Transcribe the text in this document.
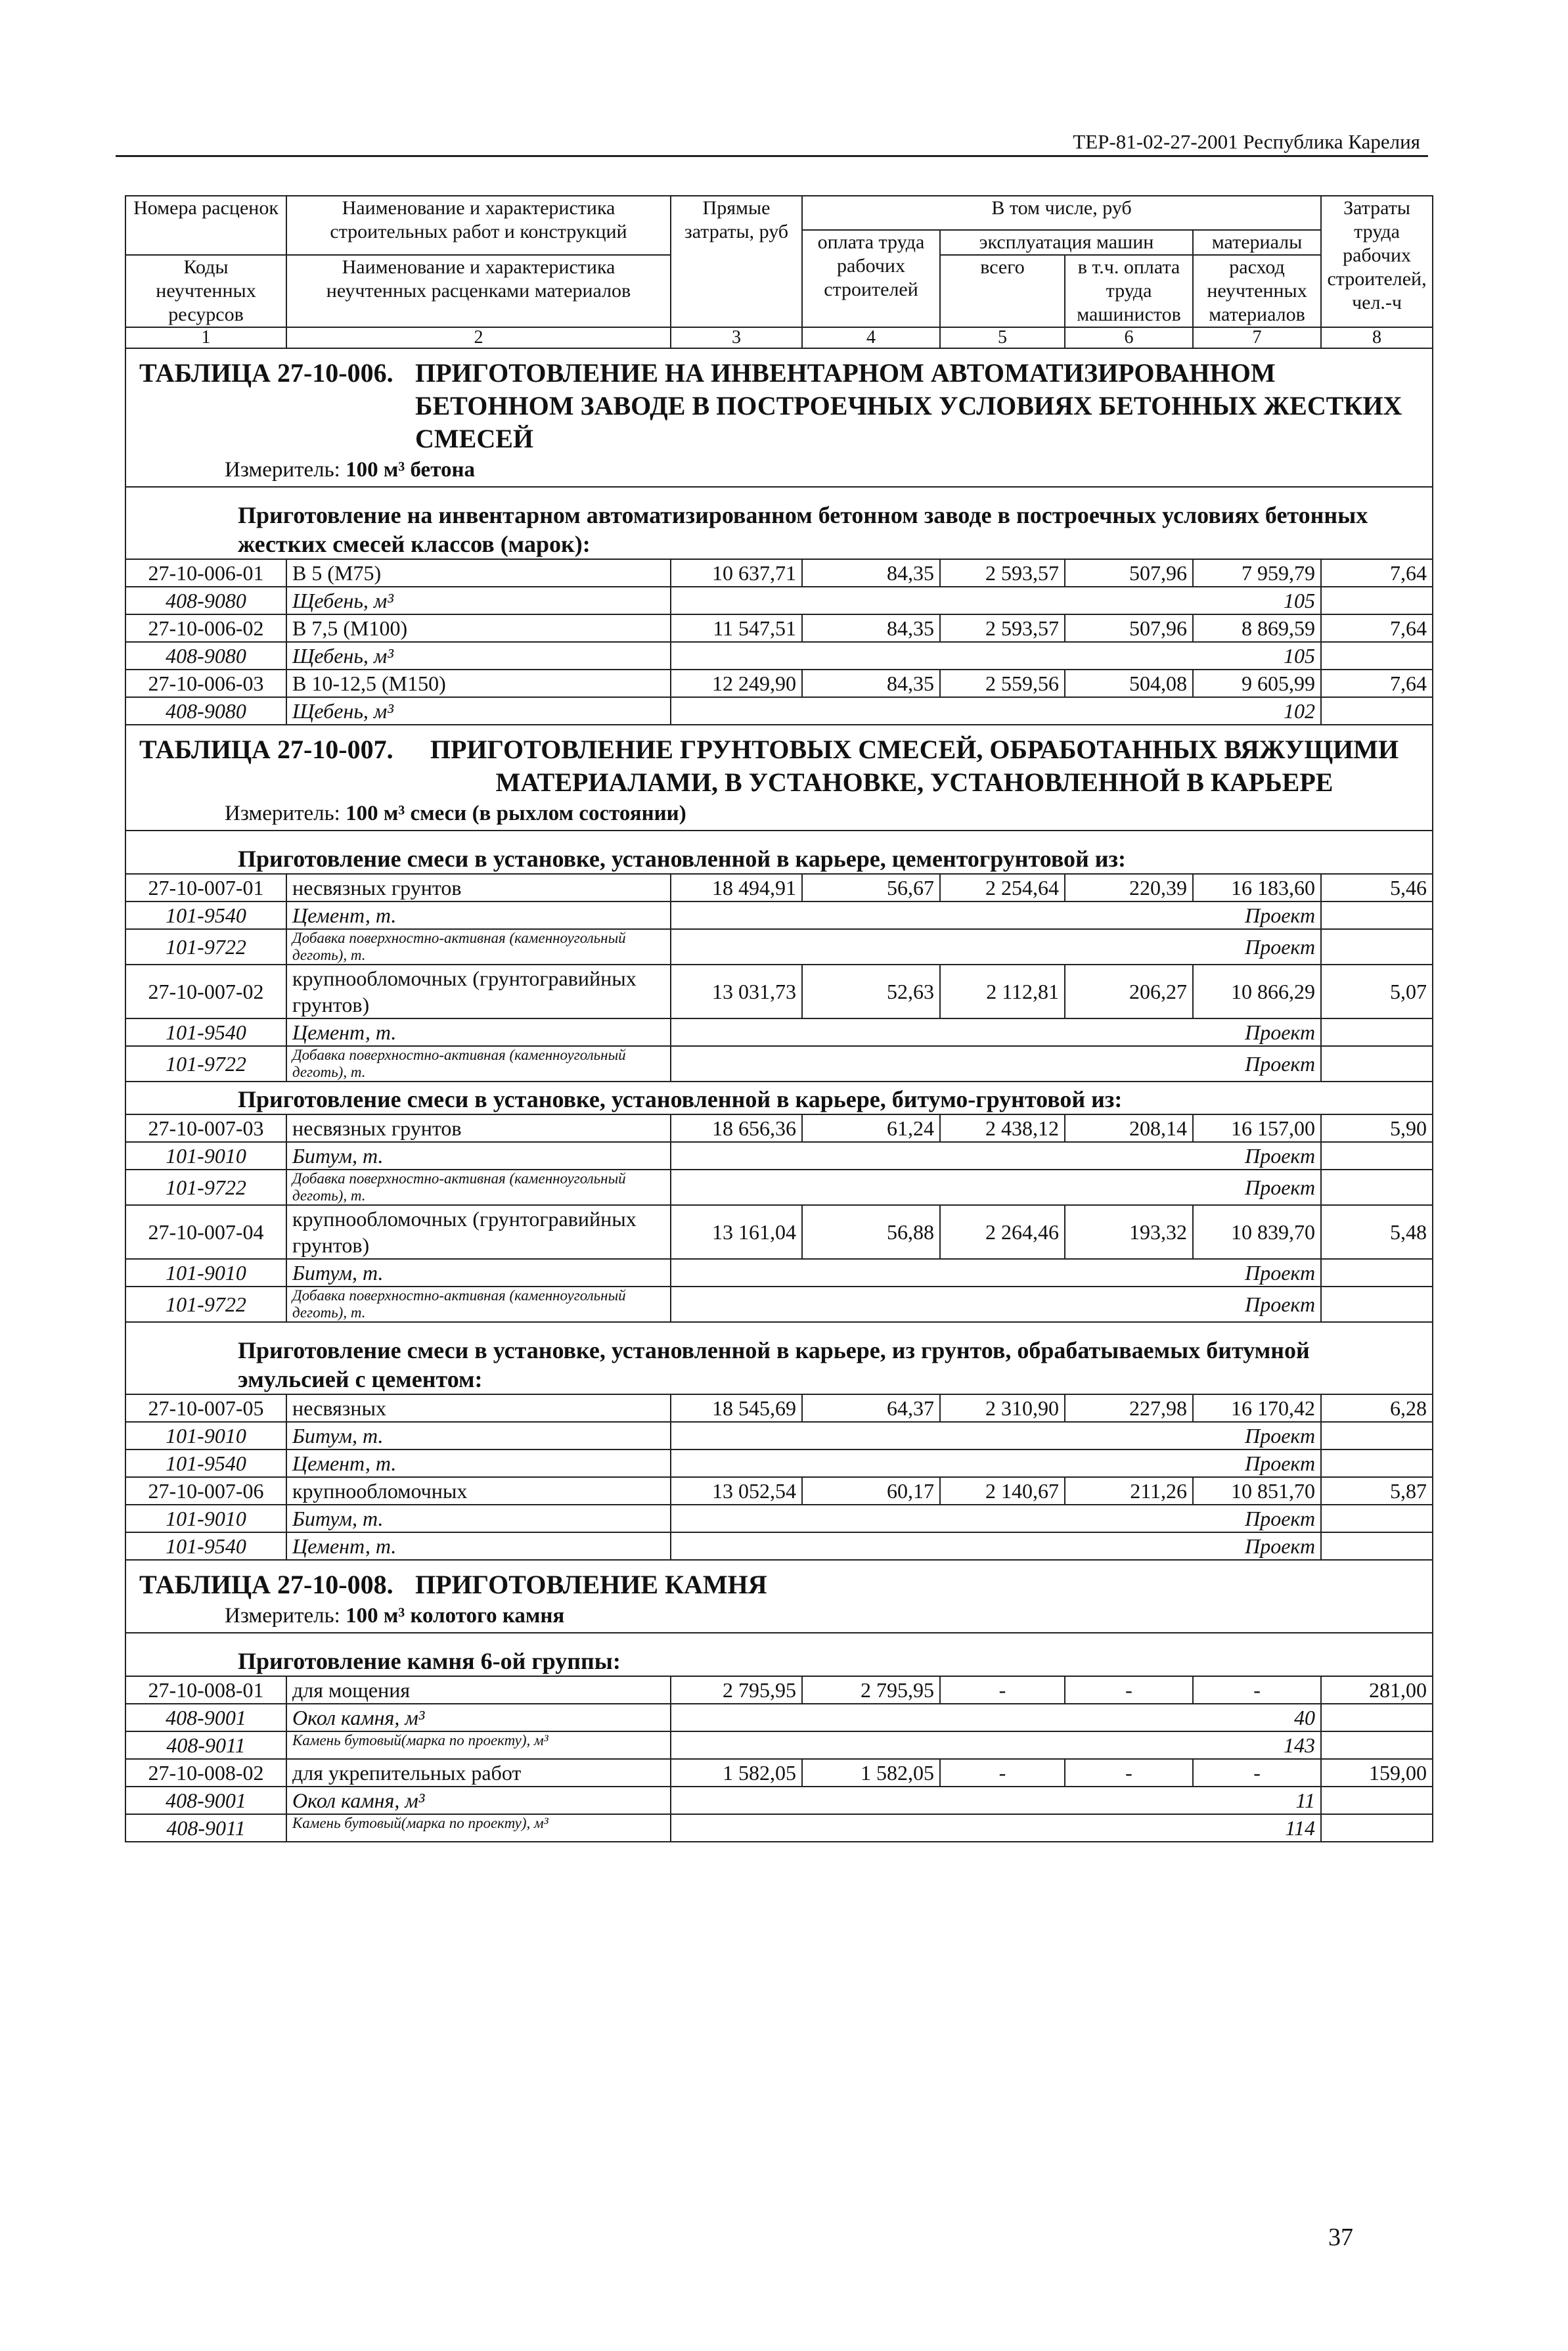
ТЕР-81-02-27-2001 Республика Карелия
Номера расценок	Наименование и характеристика строительных работ и конструкций	Прямые затраты, руб	В том числе, руб				Затраты труда рабочих строителей, чел.-ч
			оплата труда рабочих строителей	эксплуатация машин		материалы	
Коды неучтенных ресурсов	Наименование и характеристика неучтенных расценками материалов			всего	в т.ч. оплата труда машинистов	расход неучтенных материалов	

1	2	3	4	5	6	7	8

ТАБЛИЦА 27-10-006. ПРИГОТОВЛЕНИЕ НА ИНВЕНТАРНОМ АВТОМАТИЗИРОВАННОМ БЕТОННОМ ЗАВОДЕ В ПОСТРОЕЧНЫХ УСЛОВИЯХ БЕТОННЫХ ЖЕСТКИХ СМЕСЕЙ
Измеритель: 100 м³ бетона							

Приготовление на инвентарном автоматизированном бетонном заводе в построечных условиях бетонных жестких смесей классов (марок):							

27-10-006-01	В 5 (М75)	10 637,71	84,35	2 593,57	507,96	7 959,79	7,64
408-9080	Щебень, м³	105					
27-10-006-02	В 7,5 (М100)	11 547,51	84,35	2 593,57	507,96	8 869,59	7,64
408-9080	Щебень, м³	105					
27-10-006-03	В 10-12,5 (М150)	12 249,90	84,35	2 559,56	504,08	9 605,99	7,64
408-9080	Щебень, м³	102					

ТАБЛИЦА 27-10-007. ПРИГОТОВЛЕНИЕ ГРУНТОВЫХ СМЕСЕЙ, ОБРАБОТАННЫХ ВЯЖУЩИМИ МАТЕРИАЛАМИ, В УСТАНОВКЕ, УСТАНОВЛЕННОЙ В КАРЬЕРЕ
Измеритель: 100 м³ смеси (в рыхлом состоянии)							

Приготовление смеси в установке, установленной в карьере, цементогрунтовой из:							

27-10-007-01	несвязных грунтов	18 494,91	56,67	2 254,64	220,39	16 183,60	5,46
101-9540	Цемент, т.	Проект					
101-9722	Добавка поверхностно-активная (каменноугольный деготь), т.	Проект					
27-10-007-02	крупнообломочных (грунтогравийных грунтов)	13 031,73	52,63	2 112,81	206,27	10 866,29	5,07
101-9540	Цемент, т.	Проект					
101-9722	Добавка поверхностно-активная (каменноугольный деготь), т.	Проект					

Приготовление смеси в установке, установленной в карьере, битумо-грунтовой из:							

27-10-007-03	несвязных грунтов	18 656,36	61,24	2 438,12	208,14	16 157,00	5,90
101-9010	Битум, т.	Проект					
101-9722	Добавка поверхностно-активная (каменноугольный деготь), т.	Проект					
27-10-007-04	крупнообломочных (грунтогравийных грунтов)	13 161,04	56,88	2 264,46	193,32	10 839,70	5,48
101-9010	Битум, т.	Проект					
101-9722	Добавка поверхностно-активная (каменноугольный деготь), т.	Проект					

Приготовление смеси в установке, установленной в карьере, из грунтов, обрабатываемых битумной эмульсией с цементом:							

27-10-007-05	несвязных	18 545,69	64,37	2 310,90	227,98	16 170,42	6,28
101-9010	Битум, т.	Проект					
101-9540	Цемент, т.	Проект					
27-10-007-06	крупнообломочных	13 052,54	60,17	2 140,67	211,26	10 851,70	5,87
101-9010	Битум, т.	Проект					
101-9540	Цемент, т.	Проект					

ТАБЛИЦА 27-10-008. ПРИГОТОВЛЕНИЕ КАМНЯ
Измеритель: 100 м³ колотого камня							

Приготовление камня 6-ой группы:							

27-10-008-01	для мощения	2 795,95	2 795,95	-	-	-	281,00
408-9001	Окол камня, м³	40					
408-9011	Камень бутовый(марка по проекту), м³	143					
27-10-008-02	для укрепительных работ	1 582,05	1 582,05	-	-	-	159,00
408-9001	Окол камня, м³	11					
408-9011	Камень бутовый(марка по проекту), м³	114					
37
